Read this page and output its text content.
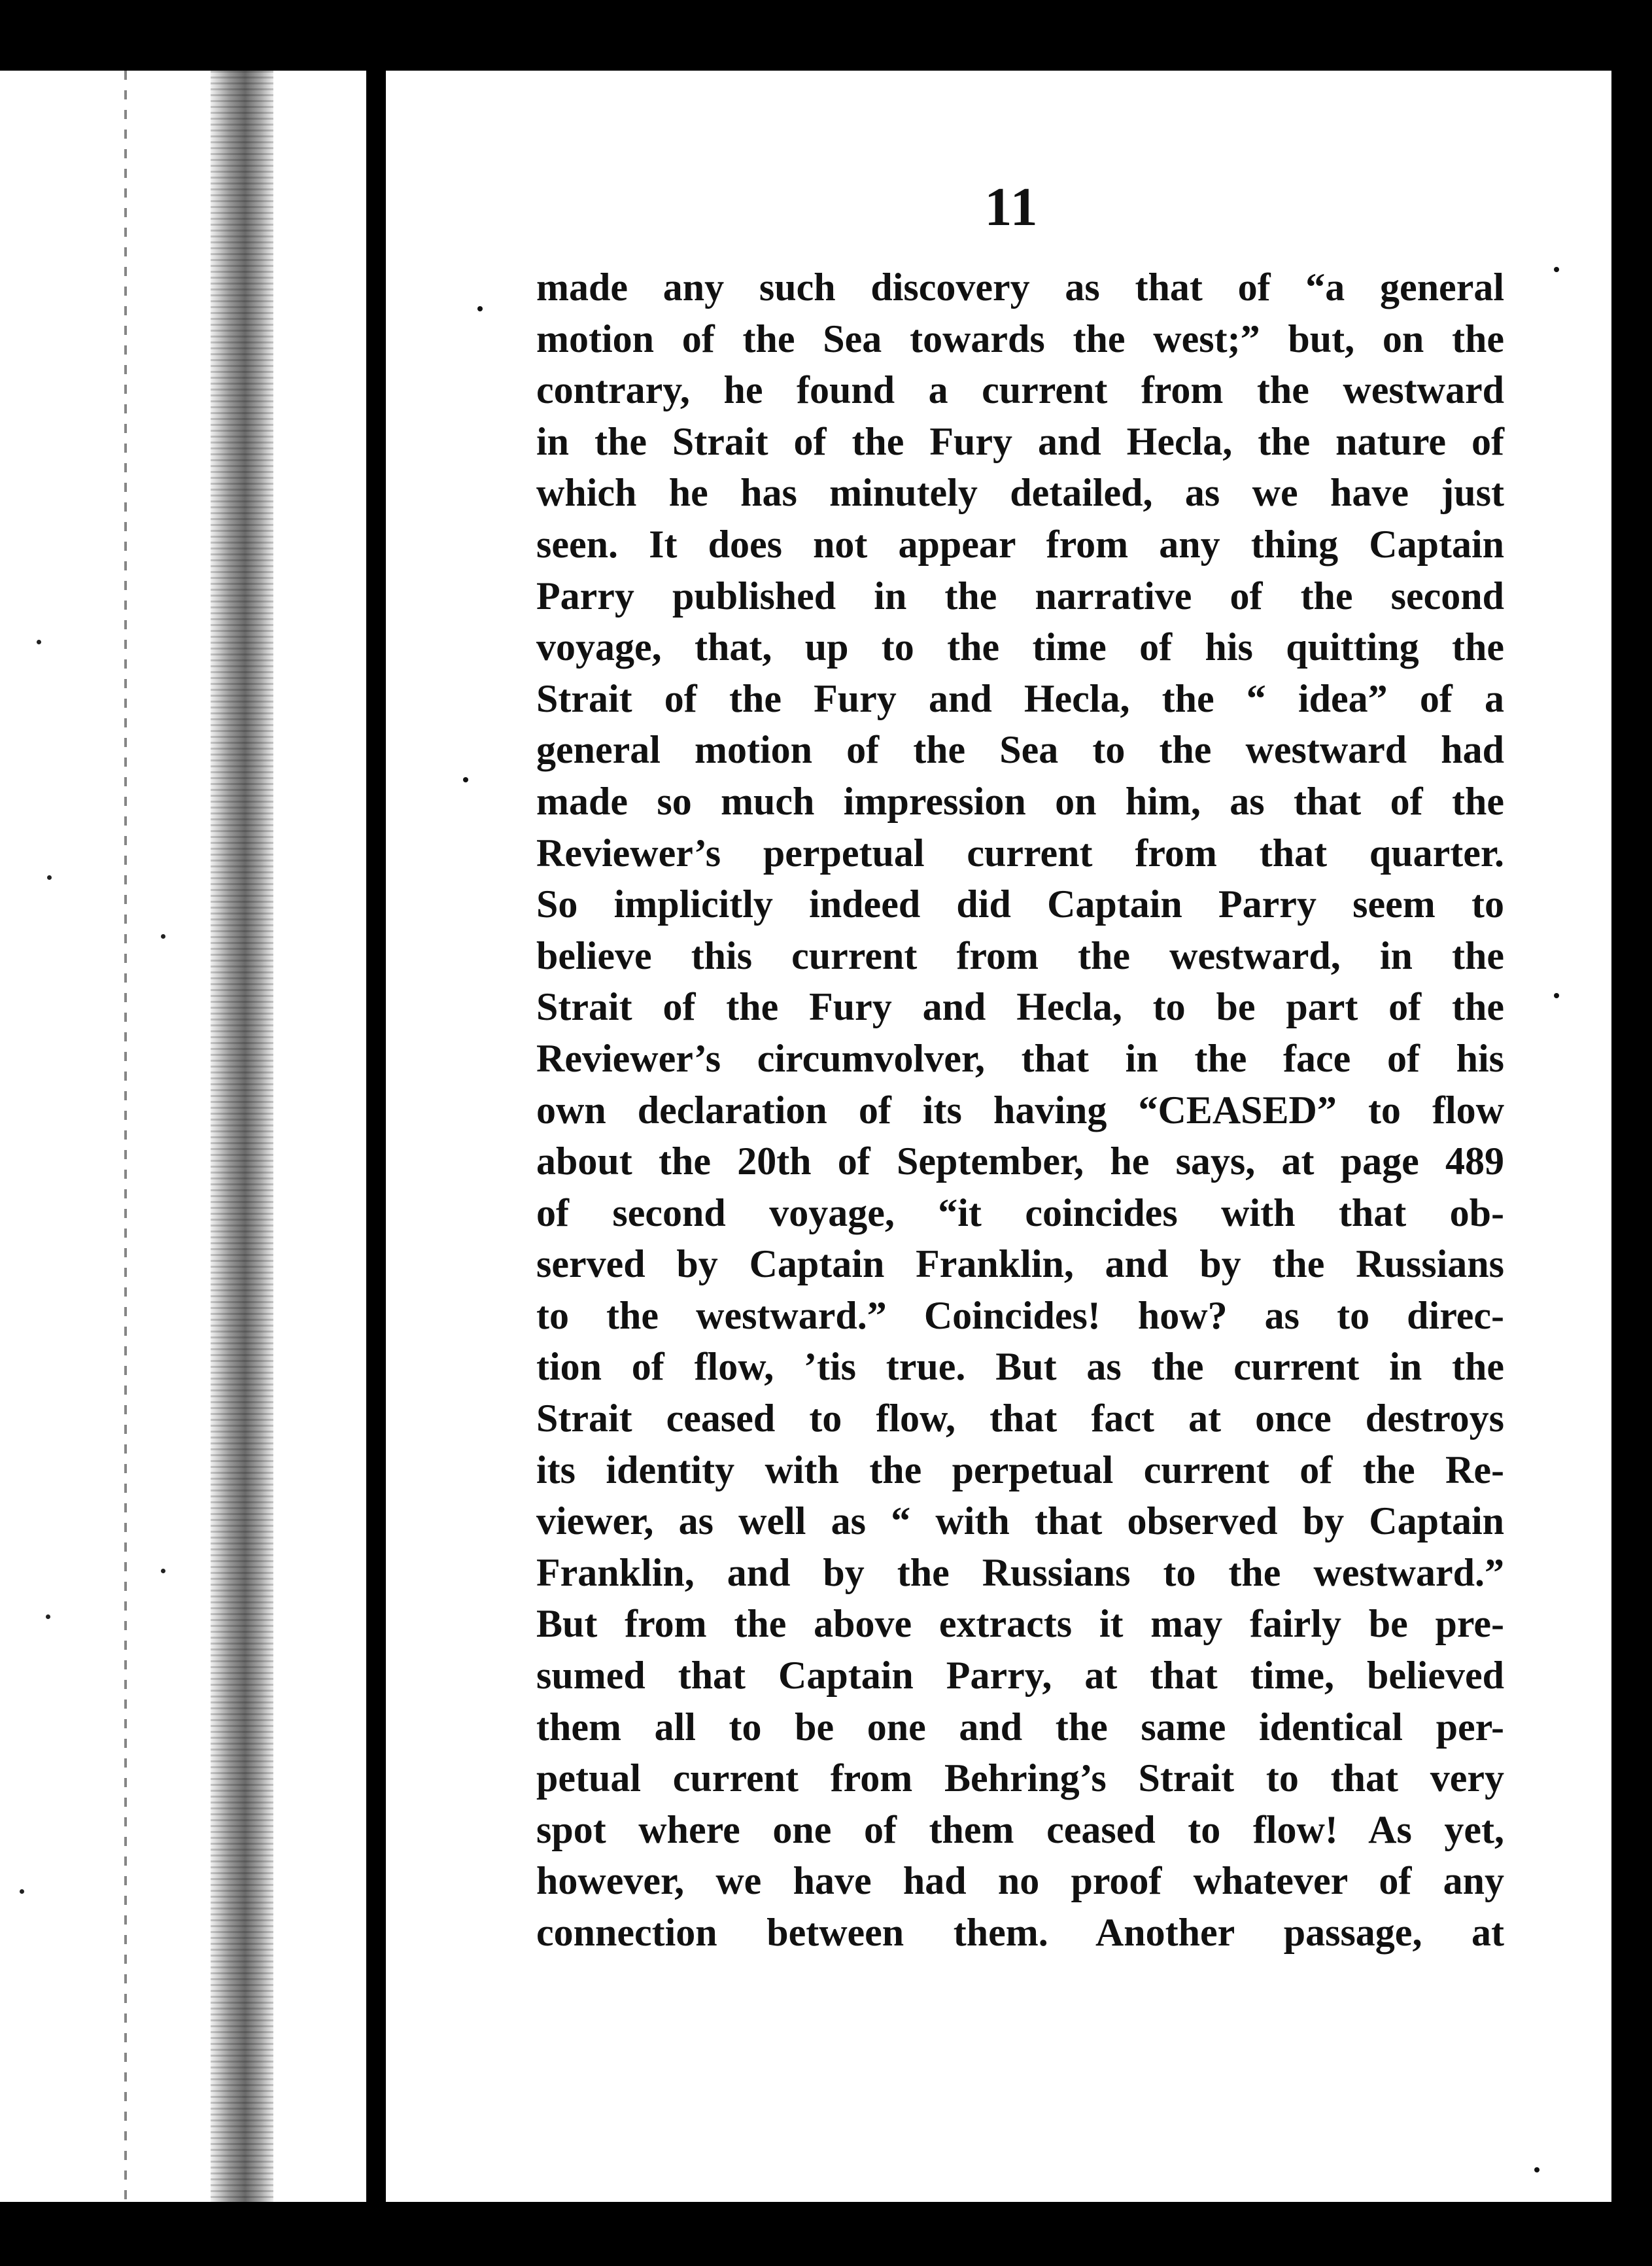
11
made any such discovery as that of “a general
motion of the Sea towards the west;” but, on the
contrary, he found a current from the westward
in the Strait of the Fury and Hecla, the nature of
which he has minutely detailed, as we have just
seen. It does not appear from any thing Captain
Parry published in the narrative of the second
voyage, that, up to the time of his quitting the
Strait of the Fury and Hecla, the “ idea” of a
general motion of the Sea to the westward had
made so much impression on him, as that of the
Reviewer’s perpetual current from that quarter.
So implicitly indeed did Captain Parry seem to
believe this current from the westward, in the
Strait of the Fury and Hecla, to be part of the
Reviewer’s circumvolver, that in the face of his
own declaration of its having “CEASED” to flow
about the 20th of September, he says, at page 489
of second voyage, “it coincides with that ob-
served by Captain Franklin, and by the Russians
to the westward.” Coincides! how? as to direc-
tion of flow, ’tis true. But as the current in the
Strait ceased to flow, that fact at once destroys
its identity with the perpetual current of the Re-
viewer, as well as “ with that observed by Captain
Franklin, and by the Russians to the westward.”
But from the above extracts it may fairly be pre-
sumed that Captain Parry, at that time, believed
them all to be one and the same identical per-
petual current from Behring’s Strait to that very
spot where one of them ceased to flow! As yet,
however, we have had no proof whatever of any
connection between them. Another passage, at
